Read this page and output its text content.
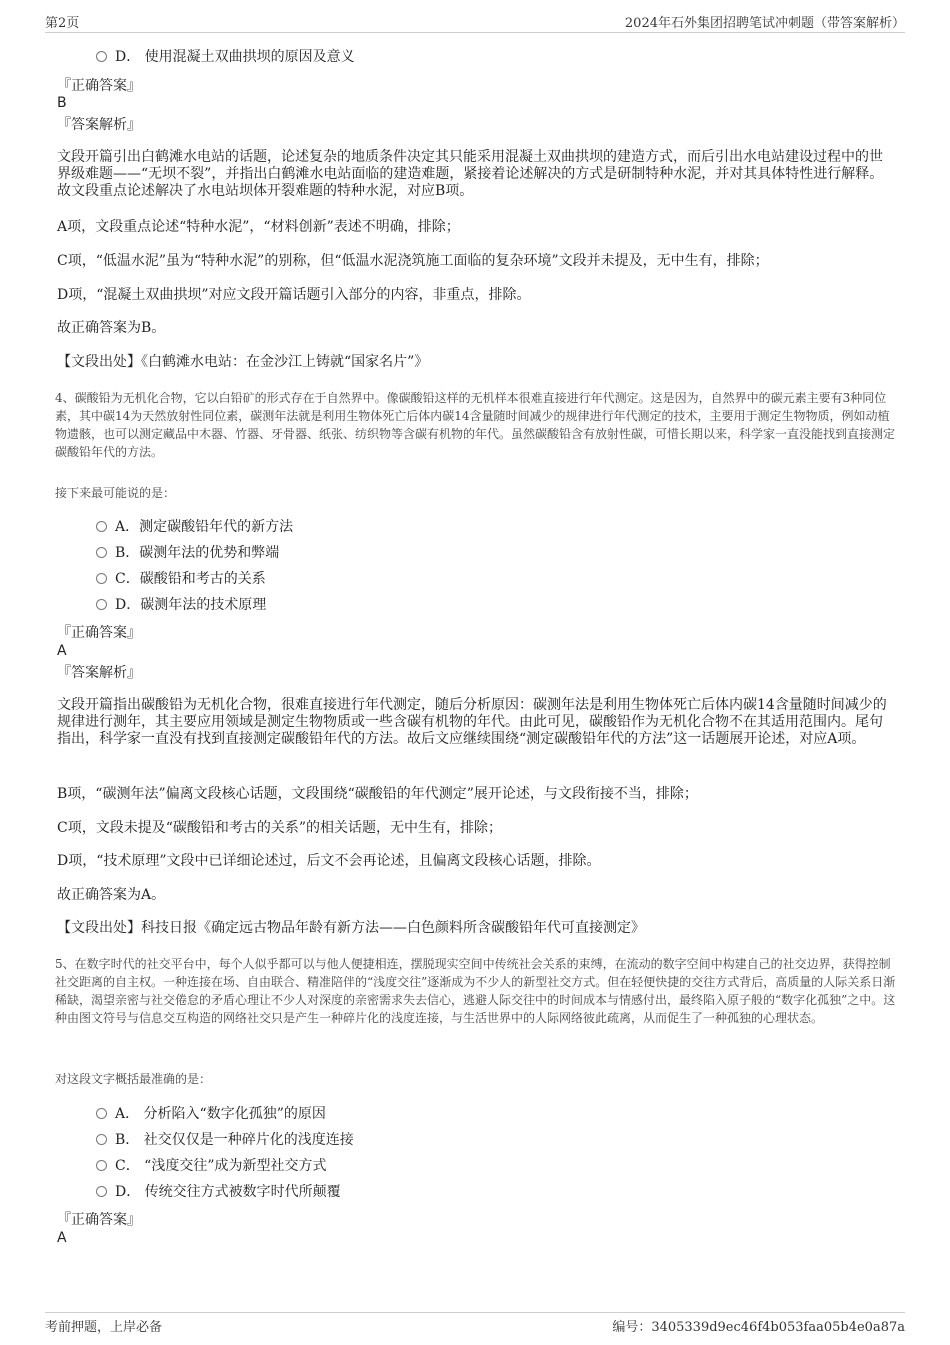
第2页	2024年石外集团招聘笔试冲刺题（带答案解析）
D． 使用混凝土双曲拱坝的原因及意义
『正确答案』
B
『答案解析』
文段开篇引出白鹤滩水电站的话题，论述复杂的地质条件决定其只能采用混凝土双曲拱坝的建造方式，而后引出水电站建设过程中的世界级难题——“无坝不裂”，并指出白鹤滩水电站面临的建造难题，紧接着论述解决的方式是研制特种水泥，并对其具体特性进行解释。故文段重点论述解决了水电站坝体开裂难题的特种水泥，对应B项。
A项，文段重点论述“特种水泥”，“材料创新”表述不明确，排除；
C项，“低温水泥”虽为“特种水泥”的别称，但“低温水泥浇筑施工面临的复杂环境”文段并未提及，无中生有，排除；
D项，“混凝土双曲拱坝”对应文段开篇话题引入部分的内容，非重点，排除。
故正确答案为B。
【文段出处】《白鹤滩水电站：在金沙江上铸就“国家名片”》
4、碳酸铅为无机化合物，它以白铅矿的形式存在于自然界中。像碳酸铅这样的无机样本很难直接进行年代测定。这是因为，自然界中的碳元素主要有3种同位素，其中碳14为天然放射性同位素，碳测年法就是利用生物体死亡后体内碳14含量随时间减少的规律进行年代测定的技术，主要用于测定生物物质，例如动植物遗骸，也可以测定藏品中木器、竹器、牙骨器、纸张、纺织物等含碳有机物的年代。虽然碳酸铅含有放射性碳，可惜长期以来，科学家一直没能找到直接测定碳酸铅年代的方法。
接下来最可能说的是：
A．测定碳酸铅年代的新方法
B．碳测年法的优势和弊端
C．碳酸铅和考古的关系
D．碳测年法的技术原理
『正确答案』
A
『答案解析』
文段开篇指出碳酸铅为无机化合物，很难直接进行年代测定，随后分析原因：碳测年法是利用生物体死亡后体内碳14含量随时间减少的规律进行测年，其主要应用领域是测定生物物质或一些含碳有机物的年代。由此可见，碳酸铅作为无机化合物不在其适用范围内。尾句指出，科学家一直没有找到直接测定碳酸铅年代的方法。故后文应继续围绕“测定碳酸铅年代的方法”这一话题展开论述，对应A项。
B项，“碳测年法”偏离文段核心话题，文段围绕“碳酸铅的年代测定”展开论述，与文段衔接不当，排除；
C项，文段未提及“碳酸铅和考古的关系”的相关话题，无中生有，排除；
D项，“技术原理”文段中已详细论述过，后文不会再论述，且偏离文段核心话题，排除。
故正确答案为A。
【文段出处】科技日报《确定远古物品年龄有新方法——白色颜料所含碳酸铅年代可直接测定》
5、在数字时代的社交平台中，每个人似乎都可以与他人便捷相连，摆脱现实空间中传统社会关系的束缚，在流动的数字空间中构建自己的社交边界，获得控制社交距离的自主权。一种连接在场、自由联合、精准陪伴的“浅度交往”逐渐成为不少人的新型社交方式。但在轻便快捷的交往方式背后，高质量的人际关系日渐稀缺，渴望亲密与社交倦怠的矛盾心理让不少人对深度的亲密需求失去信心，逃避人际交往中的时间成本与情感付出，最终陷入原子般的“数字化孤独”之中。这种由图文符号与信息交互构造的网络社交只是产生一种碎片化的浅度连接，与生活世界中的人际网络彼此疏离，从而促生了一种孤独的心理状态。
对这段文字概括最准确的是：
A． 分析陷入“数字化孤独”的原因
B． 社交仅仅是一种碎片化的浅度连接
C． “浅度交往”成为新型社交方式
D． 传统交往方式被数字时代所颠覆
『正确答案』
A
考前押题，上岸必备	编号：3405339d9ec46f4b053faa05b4e0a87a
